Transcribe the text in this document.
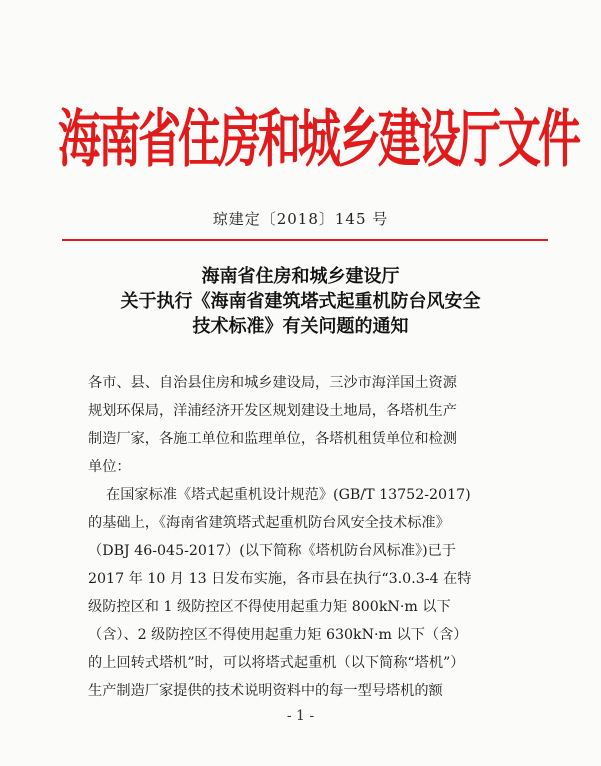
海南省住房和城乡建设厅文件
琼建定〔2018〕145 号
海南省住房和城乡建设厅
关于执行《海南省建筑塔式起重机防台风安全
技术标准》有关问题的通知
各市、县、自治县住房和城乡建设局，三沙市海洋国土资源
规划环保局，洋浦经济开发区规划建设土地局，各塔机生产
制造厂家，各施工单位和监理单位，各塔机租赁单位和检测
单位：
在国家标准《塔式起重机设计规范》(GB/T 13752-2017)
的基础上，《海南省建筑塔式起重机防台风安全技术标准》
（DBJ 46-045-2017）(以下简称《塔机防台风标准》)已于
2017 年 10 月 13 日发布实施，各市县在执行“3.0.3-4 在特
级防控区和 1 级防控区不得使用起重力矩 800kN·m 以下
（含）、2 级防控区不得使用起重力矩 630kN·m 以下（含）
的上回转式塔机”时，可以将塔式起重机（以下简称“塔机”）
生产制造厂家提供的技术说明资料中的每一型号塔机的额
- 1 -
